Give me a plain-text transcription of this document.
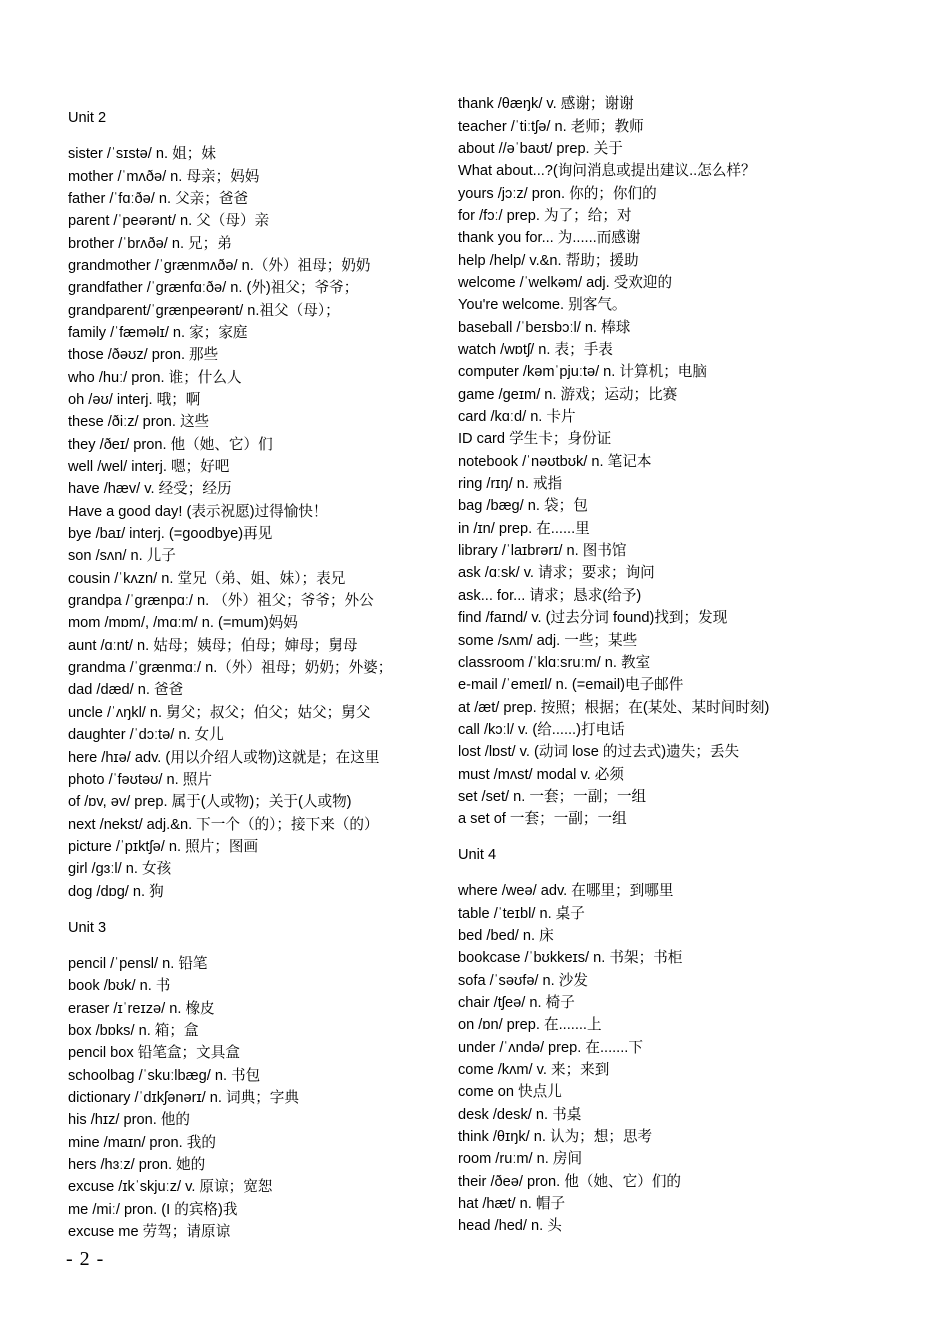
Unit 2
sister /ˈsɪstə/ n. 姐；妹
mother /ˈmʌðə/ n. 母亲；妈妈
father /ˈfɑːðə/ n. 父亲；爸爸
parent /ˈpeərənt/ n. 父（母）亲
brother /ˈbrʌðə/ n. 兄；弟
grandmother /ˈgrænmʌðə/ n.（外）祖母；奶奶
grandfather /ˈgrænfɑːðə/ n. (外)祖父；爷爷；
grandparent/ˈgrænpeərənt/ n.祖父（母）；
family /ˈfæməlɪ/ n. 家；家庭
those /ðəʊz/ pron. 那些
who /huː/ pron. 谁；什么人
oh /əʊ/ interj. 哦；啊
these /ðiːz/ pron. 这些
they /ðeɪ/ pron. 他（她、它）们
well /wel/ interj. 嗯；好吧
have /hæv/ v. 经受；经历
Have a good day! (表示祝愿)过得愉快！
bye /baɪ/ interj. (=goodbye)再见
son /sʌn/ n. 儿子
cousin /ˈkʌzn/ n. 堂兄（弟、姐、妹）；表兄
grandpa /ˈgrænpɑː/ n. （外）祖父；爷爷；外公
mom /mɒm/, /mɑːm/ n. (=mum)妈妈
aunt /ɑːnt/ n. 姑母；姨母；伯母；婶母；舅母
grandma /ˈgrænmɑː/ n.（外）祖母；奶奶；外婆；
dad /dæd/ n. 爸爸
uncle /ˈʌŋkl/ n. 舅父；叔父；伯父；姑父；舅父
daughter /ˈdɔːtə/ n. 女儿
here /hɪə/ adv. (用以介绍人或物)这就是；在这里
photo /ˈfəʊtəʊ/ n. 照片
of /ɒv, əv/ prep. 属于(人或物)；关于(人或物)
next /nekst/ adj.&n. 下一个（的）；接下来（的）
picture /ˈpɪktʃə/ n. 照片；图画
girl /gɜːl/ n. 女孩
dog /dɒg/ n. 狗
Unit 3
pencil /ˈpensl/ n. 铅笔
book /bʊk/ n. 书
eraser /ɪˈreɪzə/ n. 橡皮
box /bɒks/ n. 箱；盒
pencil box 铅笔盒；文具盒
schoolbag /ˈskuːlbæg/ n. 书包
dictionary /ˈdɪkʃənərɪ/ n. 词典；字典
his /hɪz/ pron. 他的
mine /maɪn/ pron. 我的
hers /hɜːz/ pron. 她的
excuse /ɪkˈskjuːz/ v. 原谅；宽恕
me /miː/ pron. (I 的宾格)我
excuse me 劳驾；请原谅
thank /θæŋk/ v. 感谢；谢谢
teacher /ˈtiːtʃə/ n. 老师；教师
about //əˈbaʊt/ prep. 关于
What about...?(询问消息或提出建议..怎么样？
yours /jɔːz/ pron. 你的；你们的
for /fɔː/ prep. 为了；给；对
thank you for... 为......而感谢
help /help/ v.&n. 帮助；援助
welcome /ˈwelkəm/ adj. 受欢迎的
You're welcome. 别客气。
baseball /ˈbeɪsbɔːl/ n. 棒球
watch /wɒtʃ/ n. 表；手表
computer /kəmˈpjuːtə/ n. 计算机；电脑
game /geɪm/ n. 游戏；运动；比赛
card /kɑːd/ n. 卡片
ID card 学生卡；身份证
notebook /ˈnəʊtbʊk/ n. 笔记本
ring /rɪŋ/ n. 戒指
bag /bæg/ n. 袋；包
in /ɪn/ prep. 在......里
library /ˈlaɪbrərɪ/ n. 图书馆
ask /ɑːsk/ v. 请求；要求；询问
ask... for... 请求；恳求(给予)
find /faɪnd/ v. (过去分词 found)找到；发现
some /sʌm/ adj. 一些；某些
classroom /ˈklɑːsruːm/ n. 教室
e-mail /ˈemeɪl/ n. (=email)电子邮件
at /æt/ prep. 按照；根据；在(某处、某时间时刻)
call /kɔːl/ v. (给......)打电话
lost /lɒst/ v. (动词 lose 的过去式)遗失；丢失
must /mʌst/ modal v. 必须
set /set/ n. 一套；一副；一组
a set of 一套；一副；一组
Unit 4
where /weə/ adv. 在哪里；到哪里
table /ˈteɪbl/ n. 桌子
bed /bed/ n. 床
bookcase /ˈbʊkkeɪs/ n. 书架；书柜
sofa /ˈsəʊfə/ n. 沙发
chair /tʃeə/ n. 椅子
on /ɒn/ prep. 在.......上
under /ˈʌndə/ prep. 在.......下
come /kʌm/ v. 来；来到
come on 快点儿
desk /desk/ n. 书桌
think /θɪŋk/ n. 认为；想；思考
room /ruːm/ n. 房间
their /ðeə/ pron. 他（她、它）们的
hat /hæt/ n. 帽子
head /hed/ n. 头
- 2 -
